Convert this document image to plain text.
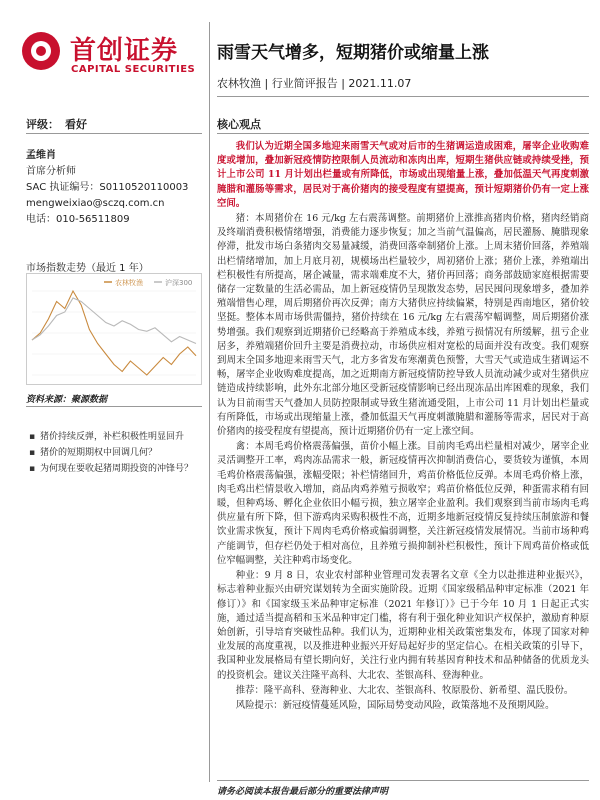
首创证券
CAPITAL SECURITIES
雨雪天气增多，短期猪价或缩量上涨
农林牧渔 | 行业简评报告 | 2021.11.07
评级： 看好
孟维肖
首席分析师
SAC 执证编号：S0110520110003
mengweixiao@sczq.com.cn
电话：010-56511809
市场指数走势（最近 1 年）
农林牧渔	沪深300
资料来源：聚源数据
▪ 猪价持续反弹，补栏积极性明显回升
▪ 猪价的短期期权中回调几何？
▪ 为何现在要收起猪周期投资的冲锋号？
核心观点

我们认为近期全国多地迎来雨雪天气或对后市的生猪调运造成困难，屠宰企业收购难度或增加，叠加新冠疫情防控限制人员流动和冻肉出库，短期生猪供应链或持续受挫，预计上市公司 11 月计划出栏量或有所降低，市场或出现缩量上涨，叠加低温天气再度刺激腌腊和灌肠等需求，居民对于高价猪肉的接受程度有望提高，预计短期猪价仍有一定上涨空间。

猪：本周猪价在 16 元/kg 左右震荡调整。前期猪价上涨推高猪肉价格，猪肉经销商及终端消费积极情绪增强，消费能力逐步恢复；加之当前气温偏高，居民灌肠、腌腊现象停滞，批发市场白条猪肉交易量减缓，消费回落牵制猪价上涨。上周末猪价回落，养殖端出栏情绪增加，加上月底月初，规模场出栏量较少，周初猪价上涨；猪价上涨，养殖端出栏积极性有所提高，屠企减量，需求端难度不大，猪价再回落；商务部鼓励家庭根据需要储存一定数量的生活必需品，加上新冠疫情仍呈现散发态势，居民囤问现象增多，叠加养殖端惜售心理，周后期猪价再次反弹；南方大猪供应持续偏紧，特别是西南地区，猪价较坚挺。整体本周市场供需僵持，猪价持续在 16 元/kg 左右震荡窄幅调整，周后期猪价涨势增强。我们观察到近期猪价已经略高于养殖成本线，养殖亏损情况有所缓解，扭亏企业居多，养殖端猪价回升主要是消费拉动，市场供应相对宽松的局面并没有改变。我们观察到周末全国多地迎来雨雪天气，北方多省发布寒潮黄色预警，大雪天气或造成生猪调运不畅，屠宰企业收购难度提高，加之近期南方新冠疫情防控导致人员流动减少或对生猪供应链造成持续影响，此外东北部分地区受新冠疫情影响已经出现冻品出库困难的现象，我们认为目前雨雪天气叠加人员防控限制或导致生猪流通受阻，上市公司 11 月计划出栏量或有所降低，市场或出现缩量上涨，叠加低温天气再度刺激腌腊和灌肠等需求，居民对于高价猪肉的接受程度有望提高，预计近期猪价仍有一定上涨空间。

禽：本周毛鸡价格震荡偏强，苗价小幅上涨。目前肉毛鸡出栏量相对减少，屠宰企业灵活调整开工率，鸡肉冻品需求一般，新冠疫情再次抑制消费信心，要货较为谨慎，本周毛鸡价格震荡偏强，涨幅受限；补栏情绪回升，鸡苗价格低位反弹。本周毛鸡价格上涨，肉毛鸡出栏情景收入增加，商品肉鸡养殖亏损收窄；鸡苗价格低位反弹，种蛋需求稍有回暖，但种鸡场、孵化企业依旧小幅亏损，独立屠宰企业盈利。我们观察到当前市场肉毛鸡供应量有所下降，但下游鸡肉采购积极性不高，近期多地新冠疫情反复持续压制旅游和餐饮业需求恢复，预计下周肉毛鸡价格或偏弱调整，关注新冠疫情发展情况。当前市场种鸡产能调节，但存栏仍处于相对高位，且养殖亏损抑制补栏积极性，预计下周鸡苗价格或低位窄幅调整，关注种鸡市场变化。

种业：9 月 8 日，农业农村部种业管理司发表署名文章《全力以赴推进种业振兴》，标志着种业振兴由研究谋划转为全面实施阶段。近期《国家级稻品种审定标准（2021 年修订）》和《国家级玉米品种审定标准（2021 年修订）》已于今年 10 月 1 日起正式实施，通过适当提高稻和玉米品种审定门槛，将有利于强化种业知识产权保护，激励育种原始创新，引导培育突破性品种。我们认为，近期种业相关政策密集发布，体现了国家对种业发展的高度重视，以及推进种业振兴开好局起好步的坚定信心。在相关政策的引导下，我国种业发展格局有望长期向好，关注行业内拥有转基因育种技术和品种储备的优质龙头的投资机会。建议关注隆平高科、大北农、荃银高科、登海种业。

推荐：隆平高科、登海种业、大北农、荃银高科、牧原股份、新希望、温氏股份。

风险提示：新冠疫情蔓延风险，国际局势变动风险，政策落地不及预期风险。

请务必阅读本报告最后部分的重要法律声明
